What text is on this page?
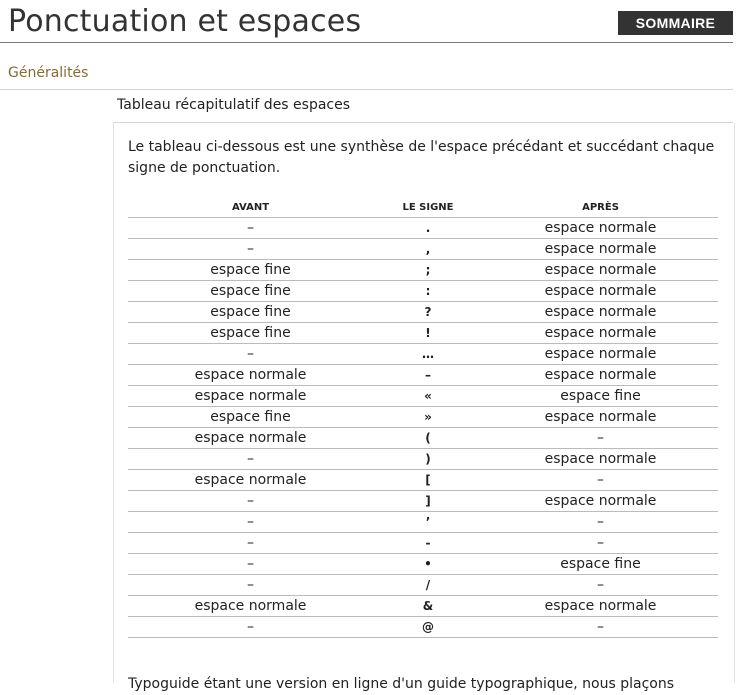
Ponctuation et espaces	SOMMAIRE
Généralités
Tableau récapitulatif des espaces

Le tableau ci-dessous est une synthèse de l'espace précédant et succédant chaque signe de ponctuation.

AVANT	LE SIGNE	APRÈS
–	.	espace normale
–	,	espace normale
espace fine	;	espace normale
espace fine	:	espace normale
espace fine	?	espace normale
espace fine	!	espace normale
–	…	espace normale
espace normale	–	espace normale
espace normale	«	espace fine
espace fine	»	espace normale
espace normale	(	–
–	)	espace normale
espace normale	[	–
–	]	espace normale
–	’	–
–	-	–
–	•	espace fine
–	/	–
espace normale	&	espace normale
–	@	–

Typoguide étant une version en ligne d'un guide typographique, nous plaçons
